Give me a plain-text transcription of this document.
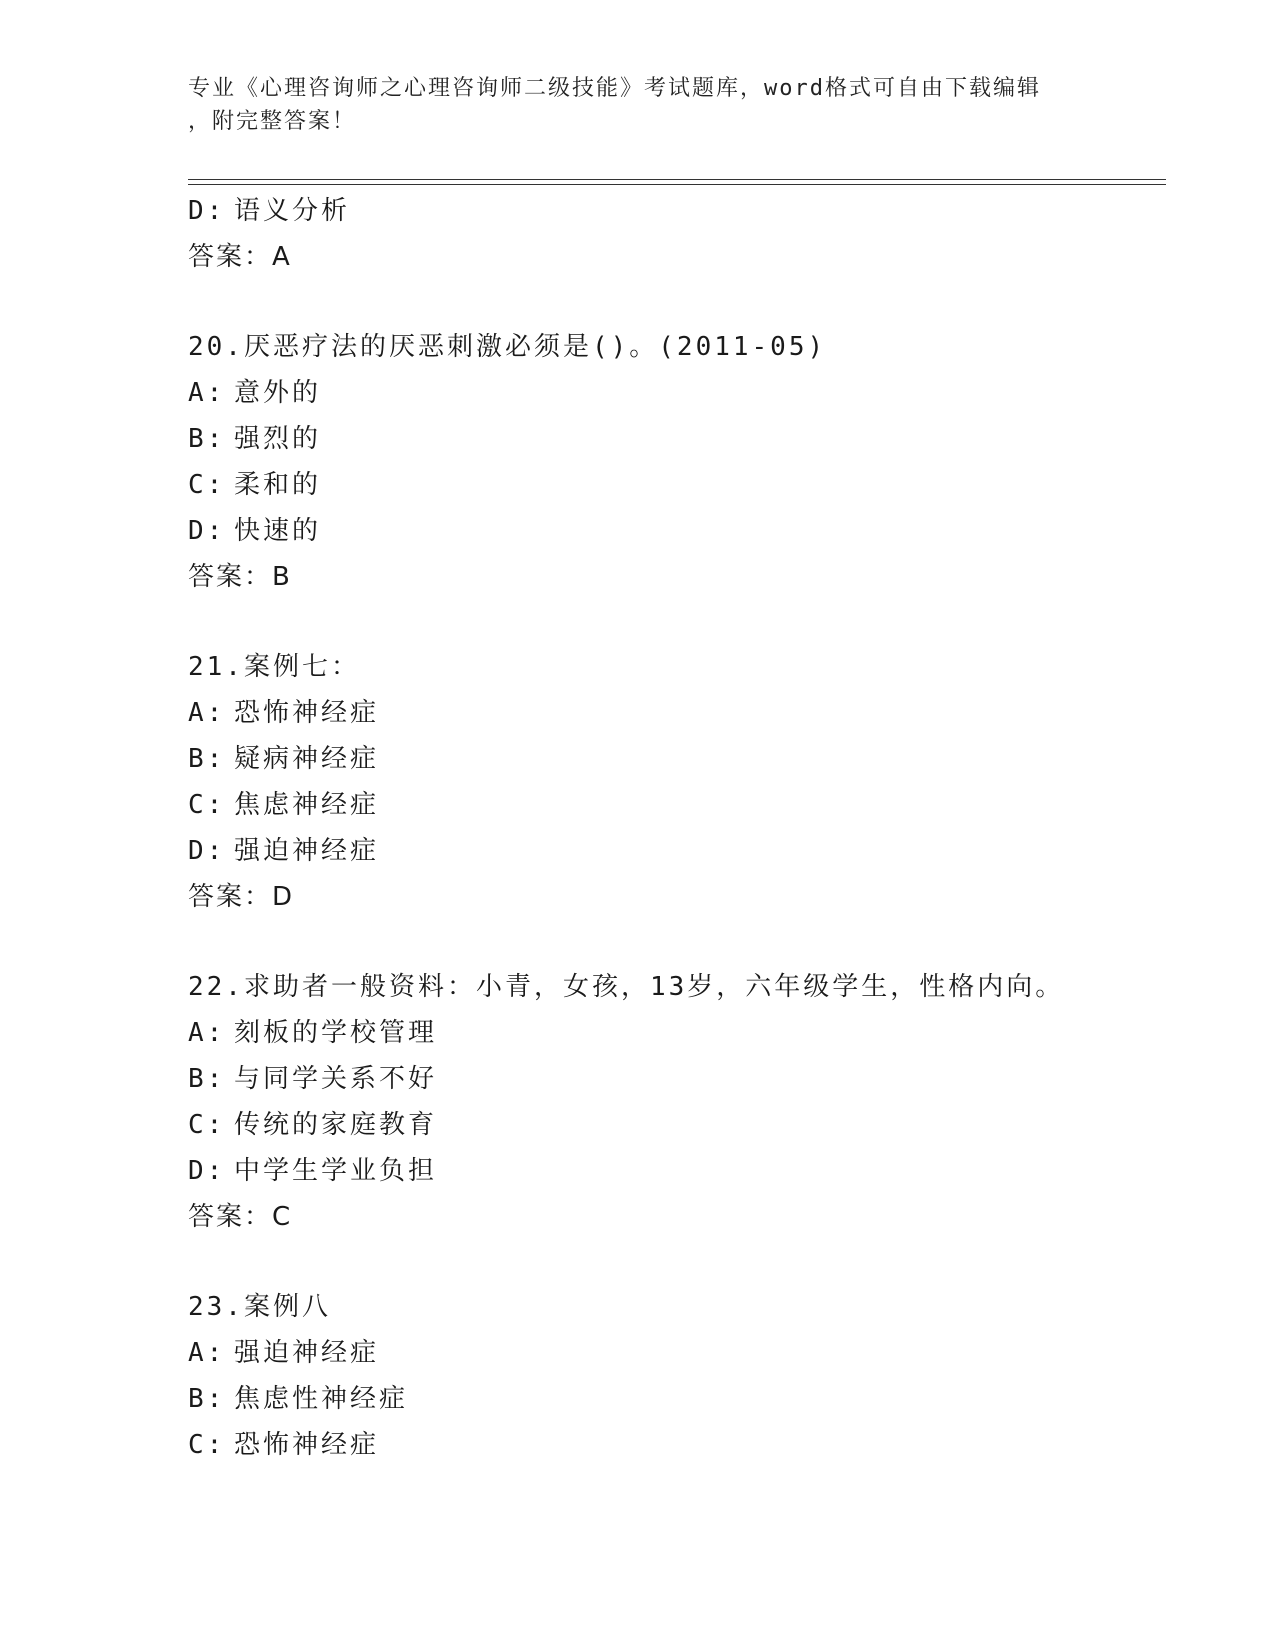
专业《心理咨询师之心理咨询师二级技能》考试题库，word格式可自由下载编辑
，附完整答案！
D: 语义分析
答案：A
20.厌恶疗法的厌恶刺激必须是()。(2011-05)
A: 意外的
B: 强烈的
C: 柔和的
D: 快速的
答案：B
21.案例七：
A: 恐怖神经症
B: 疑病神经症
C: 焦虑神经症
D: 强迫神经症
答案：D
22.求助者一般资料：小青，女孩，13岁，六年级学生，性格内向。
A: 刻板的学校管理
B: 与同学关系不好
C: 传统的家庭教育
D: 中学生学业负担
答案：C
23.案例八
A: 强迫神经症
B: 焦虑性神经症
C: 恐怖神经症
